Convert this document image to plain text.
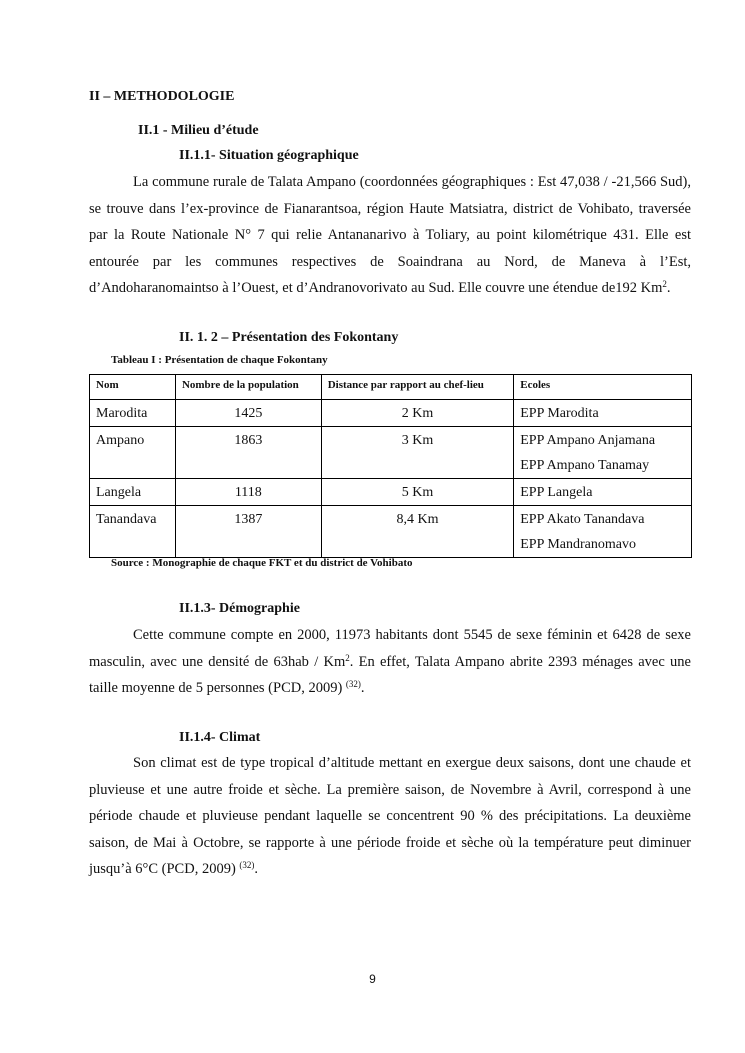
II – METHODOLOGIE
II.1 - Milieu d’étude
II.1.1- Situation géographique
La commune rurale de Talata Ampano (coordonnées géographiques : Est 47,038 / -21,566 Sud), se trouve dans l’ex-province de Fianarantsoa, région Haute Matsiatra, district de Vohibato, traversée par la Route Nationale N° 7 qui relie Antananarivo à Toliary, au point kilométrique 431. Elle est entourée par les communes respectives de Soaindrana au Nord, de Maneva à l’Est, d’Andoharanomaintso à l’Ouest, et d’Andranovorivato au Sud. Elle couvre une étendue de192 Km$^2$.
II. 1. 2 – Présentation des Fokontany
Tableau I : Présentation de chaque Fokontany
Nom	Nombre de la population	Distance par rapport au chef-lieu	Ecoles
Marodita	1425	2 Km	EPP Marodita

Ampano	1863	3 Km	EPP Ampano Anjamana
EPP Ampano Tanamay

Langela	1118	5 Km	EPP Langela

Tanandava	1387	8,4 Km	EPP Akato Tanandava
EPP Mandranomavo
Source : Monographie de chaque FKT et du district de Vohibato
II.1.3- Démographie
Cette commune compte en 2000, 11973 habitants dont 5545 de sexe féminin et 6428 de sexe masculin, avec une densité de 63hab / Km$^2$. En effet, Talata Ampano abrite 2393 ménages avec une taille moyenne de 5 personnes (PCD, 2009) $^{(32)}$.
II.1.4- Climat
Son climat est de type tropical d’altitude mettant en exergue deux saisons, dont une chaude et pluvieuse et une autre froide et sèche. La première saison, de Novembre à Avril, correspond à une période chaude et pluvieuse pendant laquelle se concentrent 90 % des précipitations. La deuxième saison, de Mai à Octobre, se rapporte à une période froide et sèche où la température peut diminuer jusqu’à 6°C (PCD, 2009) $^{(32)}$.
9
